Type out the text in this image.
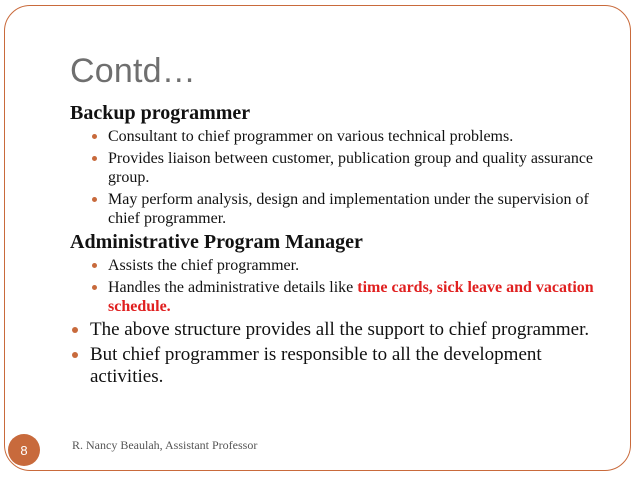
Contd…
Backup programmer
Consultant to chief programmer on various technical problems.
Provides liaison between customer, publication group and quality assurance group.
May perform analysis, design and implementation under the supervision of chief programmer.
Administrative Program Manager
Assists the chief programmer.
Handles the administrative details like time cards, sick leave and vacation schedule.
The above structure provides all the support to chief programmer.
But chief programmer is responsible to all the development activities.
8	R. Nancy Beaulah, Assistant Professor
